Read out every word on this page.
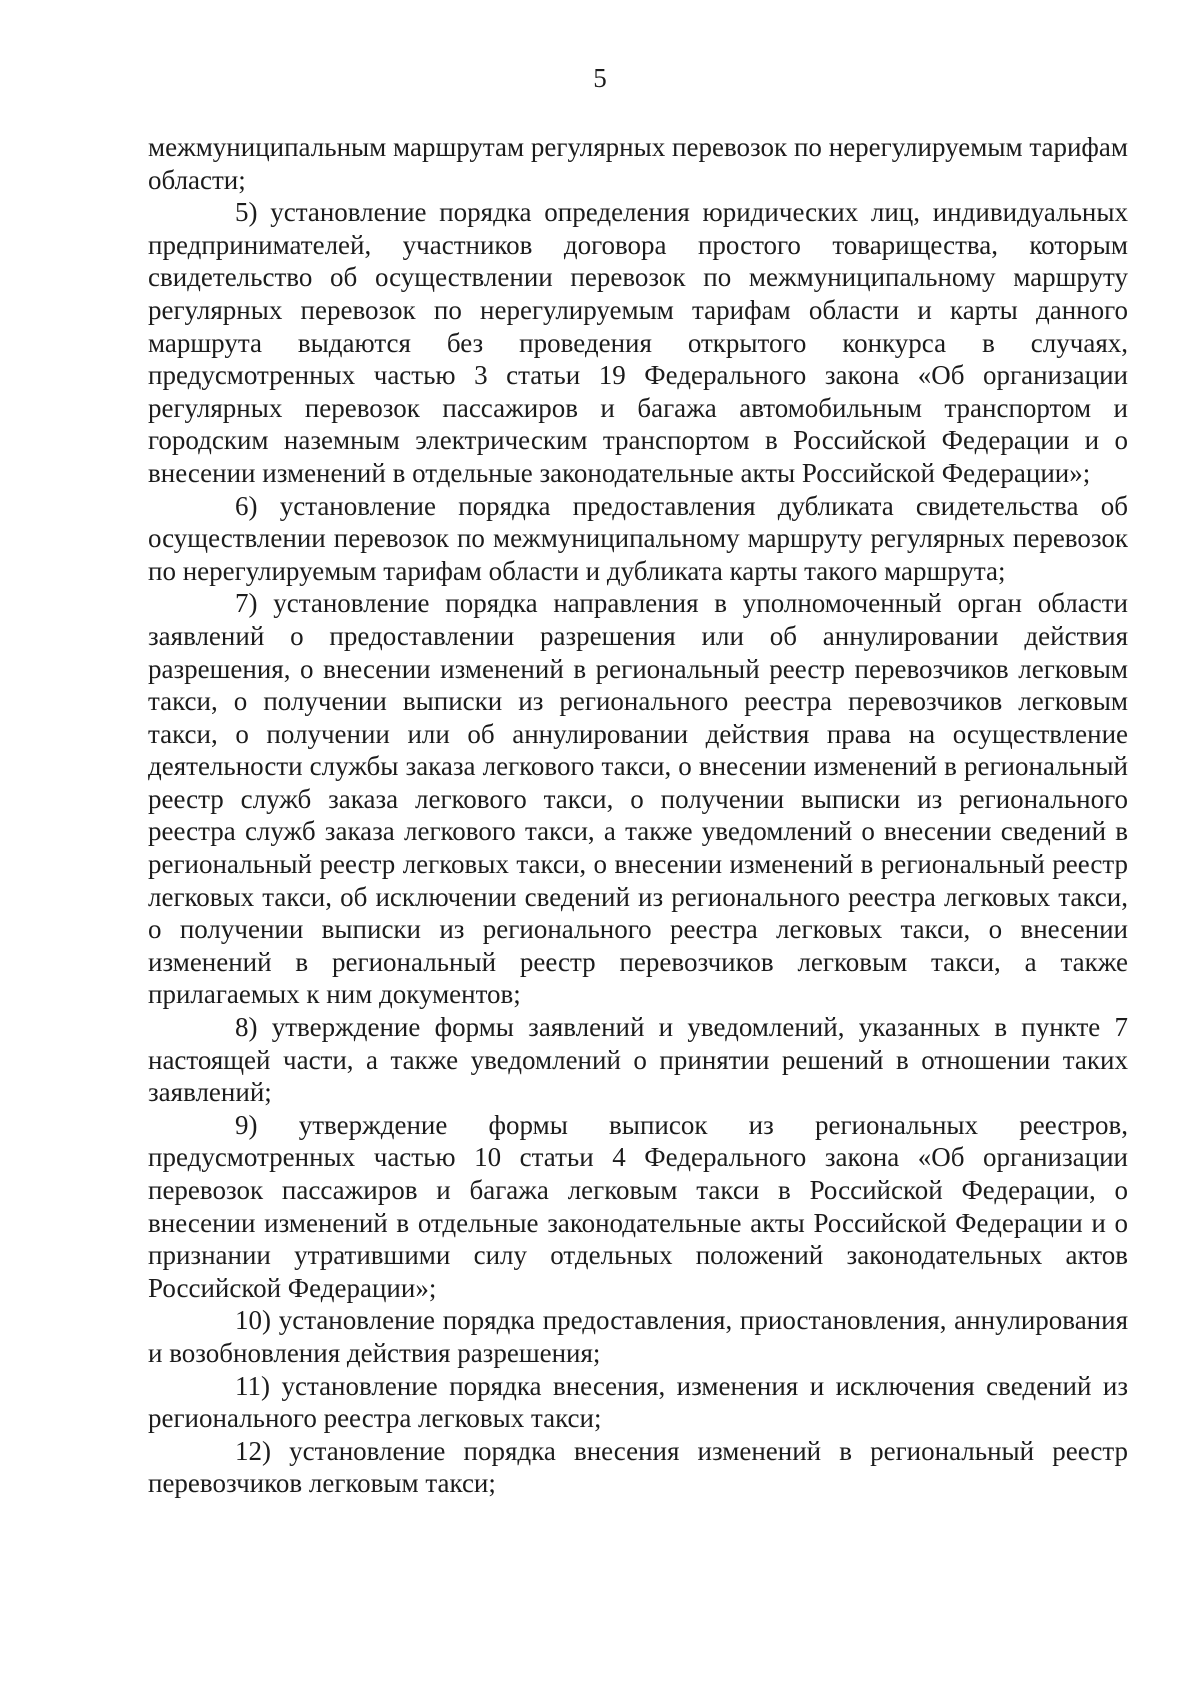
5

межмуниципальным маршрутам регулярных перевозок по нерегулируемым тарифам области;

5) установление порядка определения юридических лиц, индивидуальных предпринимателей, участников договора простого товарищества, которым свидетельство об осуществлении перевозок по межмуниципальному маршруту регулярных перевозок по нерегулируемым тарифам области и карты данного маршрута выдаются без проведения открытого конкурса в случаях, предусмотренных частью 3 статьи 19 Федерального закона «Об организации регулярных перевозок пассажиров и багажа автомобильным транспортом и городским наземным электрическим транспортом в Российской Федерации и о внесении изменений в отдельные законодательные акты Российской Федерации»;

6) установление порядка предоставления дубликата свидетельства об осуществлении перевозок по межмуниципальному маршруту регулярных перевозок по нерегулируемым тарифам области и дубликата карты такого маршрута;

7) установление порядка направления в уполномоченный орган области заявлений о предоставлении разрешения или об аннулировании действия разрешения, о внесении изменений в региональный реестр перевозчиков легковым такси, о получении выписки из регионального реестра перевозчиков легковым такси, о получении или об аннулировании действия права на осуществление деятельности службы заказа легкового такси, о внесении изменений в региональный реестр служб заказа легкового такси, о получении выписки из регионального реестра служб заказа легкового такси, а также уведомлений о внесении сведений в региональный реестр легковых такси, о внесении изменений в региональный реестр легковых такси, об исключении сведений из регионального реестра легковых такси, о получении выписки из регионального реестра легковых такси, о внесении изменений в региональный реестр перевозчиков легковым такси, а также прилагаемых к ним документов;

8) утверждение формы заявлений и уведомлений, указанных в пункте 7 настоящей части, а также уведомлений о принятии решений в отношении таких заявлений;

9) утверждение формы выписок из региональных реестров, предусмотренных частью 10 статьи 4 Федерального закона «Об организации перевозок пассажиров и багажа легковым такси в Российской Федерации, о внесении изменений в отдельные законодательные акты Российской Федерации и о признании утратившими силу отдельных положений законодательных актов Российской Федерации»;

10) установление порядка предоставления, приостановления, аннулирования и возобновления действия разрешения;

11) установление порядка внесения, изменения и исключения сведений из регионального реестра легковых такси;

12) установление порядка внесения изменений в региональный реестр перевозчиков легковым такси;
